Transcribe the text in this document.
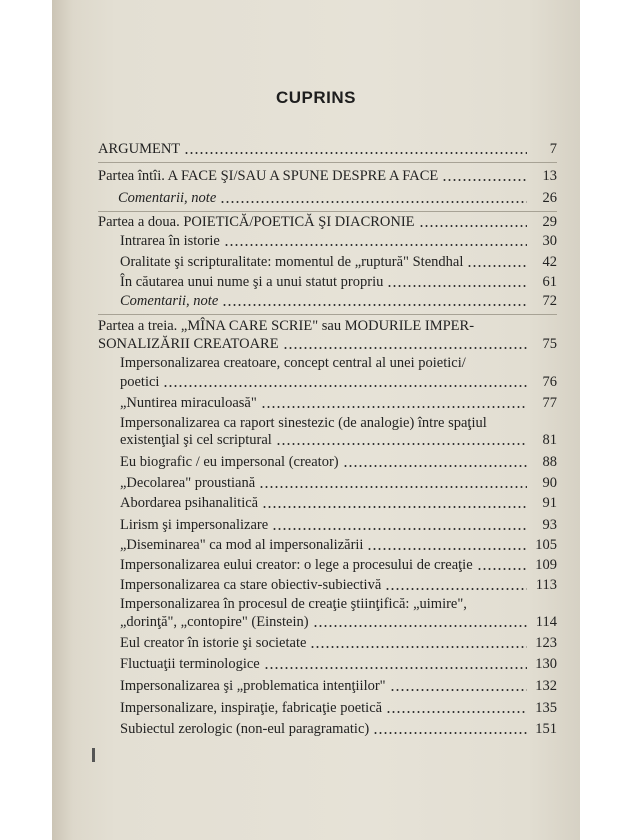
CUPRINS
ARGUMENT	7
Partea întîi. A FACE ŞI/SAU A SPUNE DESPRE A FACE	13
Comentarii, note	26
Partea a doua. POIETICĂ/POETICĂ ŞI DIACRONIE	29
Intrarea în istorie	30
Oralitate şi scripturalitate: momentul de „ruptură" Stendhal	42
În căutarea unui nume şi a unui statut propriu	61
Comentarii, note	72
Partea a treia. „MÎNA CARE SCRIE" sau MODURILE IMPER-
SONALIZĂRII CREATOARE	75
Impersonalizarea creatoare, concept central al unei poietici/
poetici	76
„Nuntirea miraculoasă"	77
Impersonalizarea ca raport sinestezic (de analogie) între spaţiul
existenţial şi cel scriptural	81
Eu biografic / eu impersonal (creator)	88
„Decolarea" proustiană	90
Abordarea psihanalitică	91
Lirism şi impersonalizare	93
„Diseminarea" ca mod al impersonalizării	105
Impersonalizarea eului creator: o lege a procesului de creaţie	109
Impersonalizarea ca stare obiectiv-subiectivă	113
Impersonalizarea în procesul de creaţie ştiinţifică: „uimire",
„dorinţă", „contopire" (Einstein)	114
Eul creator în istorie şi societate	123
Fluctuaţii terminologice	130
Impersonalizarea şi „problematica intenţiilor"	132
Impersonalizare, inspiraţie, fabricaţie poetică	135
Subiectul zerologic (non-eul paragramatic)	151
